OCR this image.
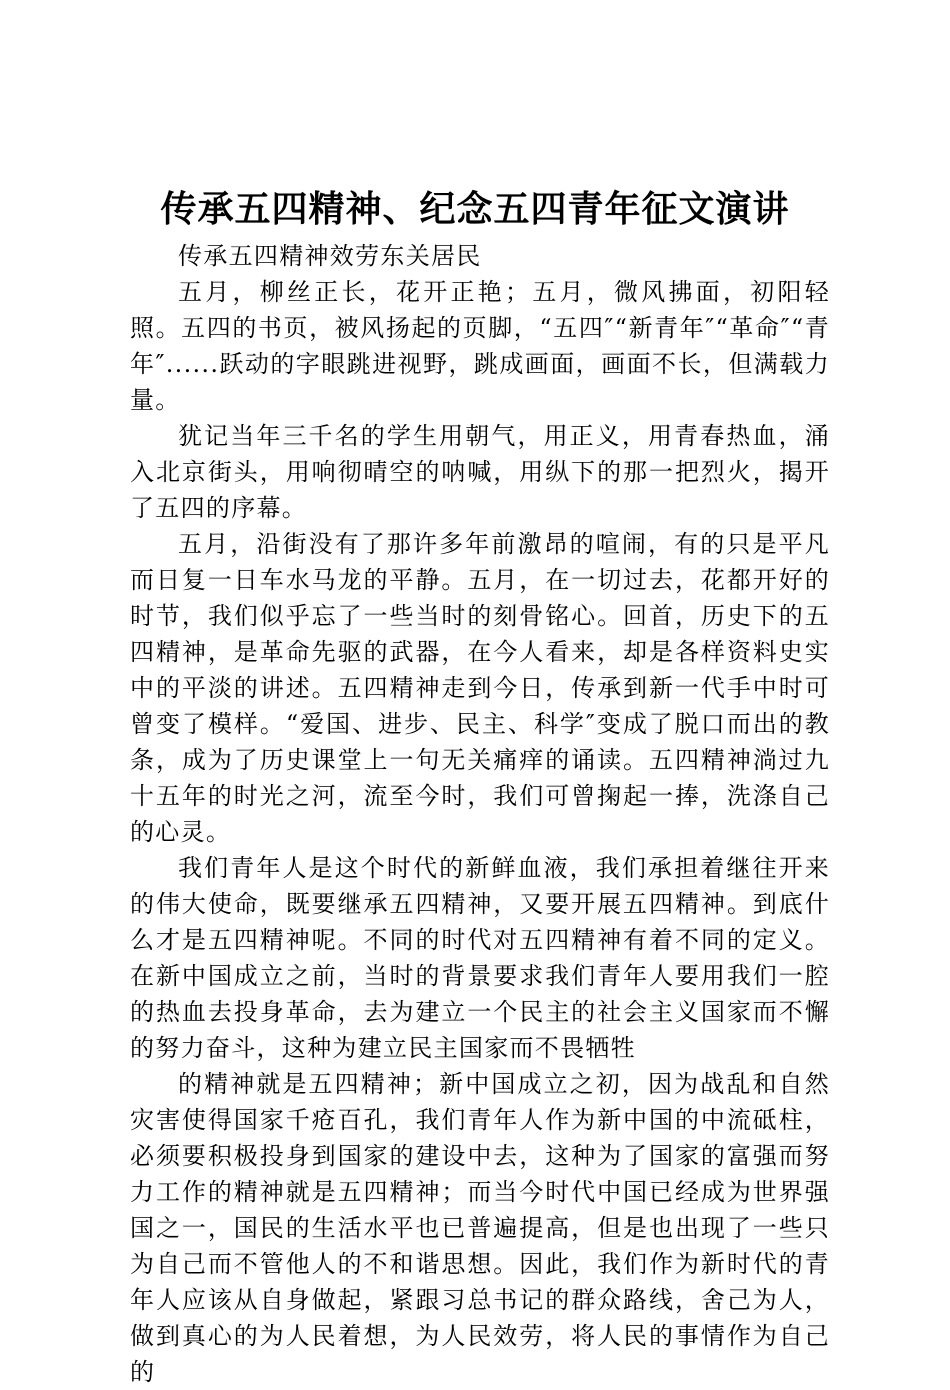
传承五四精神、纪念五四青年征文演讲

传承五四精神效劳东关居民

五月，柳丝正长，花开正艳；五月，微风拂面，初阳轻照。五四的书页，被风扬起的页脚，“五四″“新青年″“革命″“青年″......跃动的字眼跳进视野，跳成画面，画面不长，但满载力量。

犹记当年三千名的学生用朝气，用正义，用青春热血，涌入北京街头，用响彻晴空的呐喊，用纵下的那一把烈火，揭开了五四的序幕。

五月，沿街没有了那许多年前激昂的喧闹，有的只是平凡而日复一日车水马龙的平静。五月，在一切过去，花都开好的时节，我们似乎忘了一些当时的刻骨铭心。回首，历史下的五四精神，是革命先驱的武器，在今人看来，却是各样资料史实中的平淡的讲述。五四精神走到今日，传承到新一代手中时可曾变了模样。“爱国、进步、民主、科学″变成了脱口而出的教条，成为了历史课堂上一句无关痛痒的诵读。五四精神淌过九十五年的时光之河，流至今时，我们可曾掬起一捧，洗涤自己的心灵。

我们青年人是这个时代的新鲜血液，我们承担着继往开来的伟大使命，既要继承五四精神，又要开展五四精神。到底什么才是五四精神呢。不同的时代对五四精神有着不同的定义。在新中国成立之前，当时的背景要求我们青年人要用我们一腔的热血去投身革命，去为建立一个民主的社会主义国家而不懈的努力奋斗，这种为建立民主国家而不畏牺牲

的精神就是五四精神；新中国成立之初，因为战乱和自然灾害使得国家千疮百孔，我们青年人作为新中国的中流砥柱，必须要积极投身到国家的建设中去，这种为了国家的富强而努力工作的精神就是五四精神；而当今时代中国已经成为世界强国之一，国民的生活水平也已普遍提高，但是也出现了一些只为自己而不管他人的不和谐思想。因此，我们作为新时代的青年人应该从自身做起，紧跟习总书记的群众路线，舍己为人，做到真心的为人民着想，为人民效劳，将人民的事情作为自己的
